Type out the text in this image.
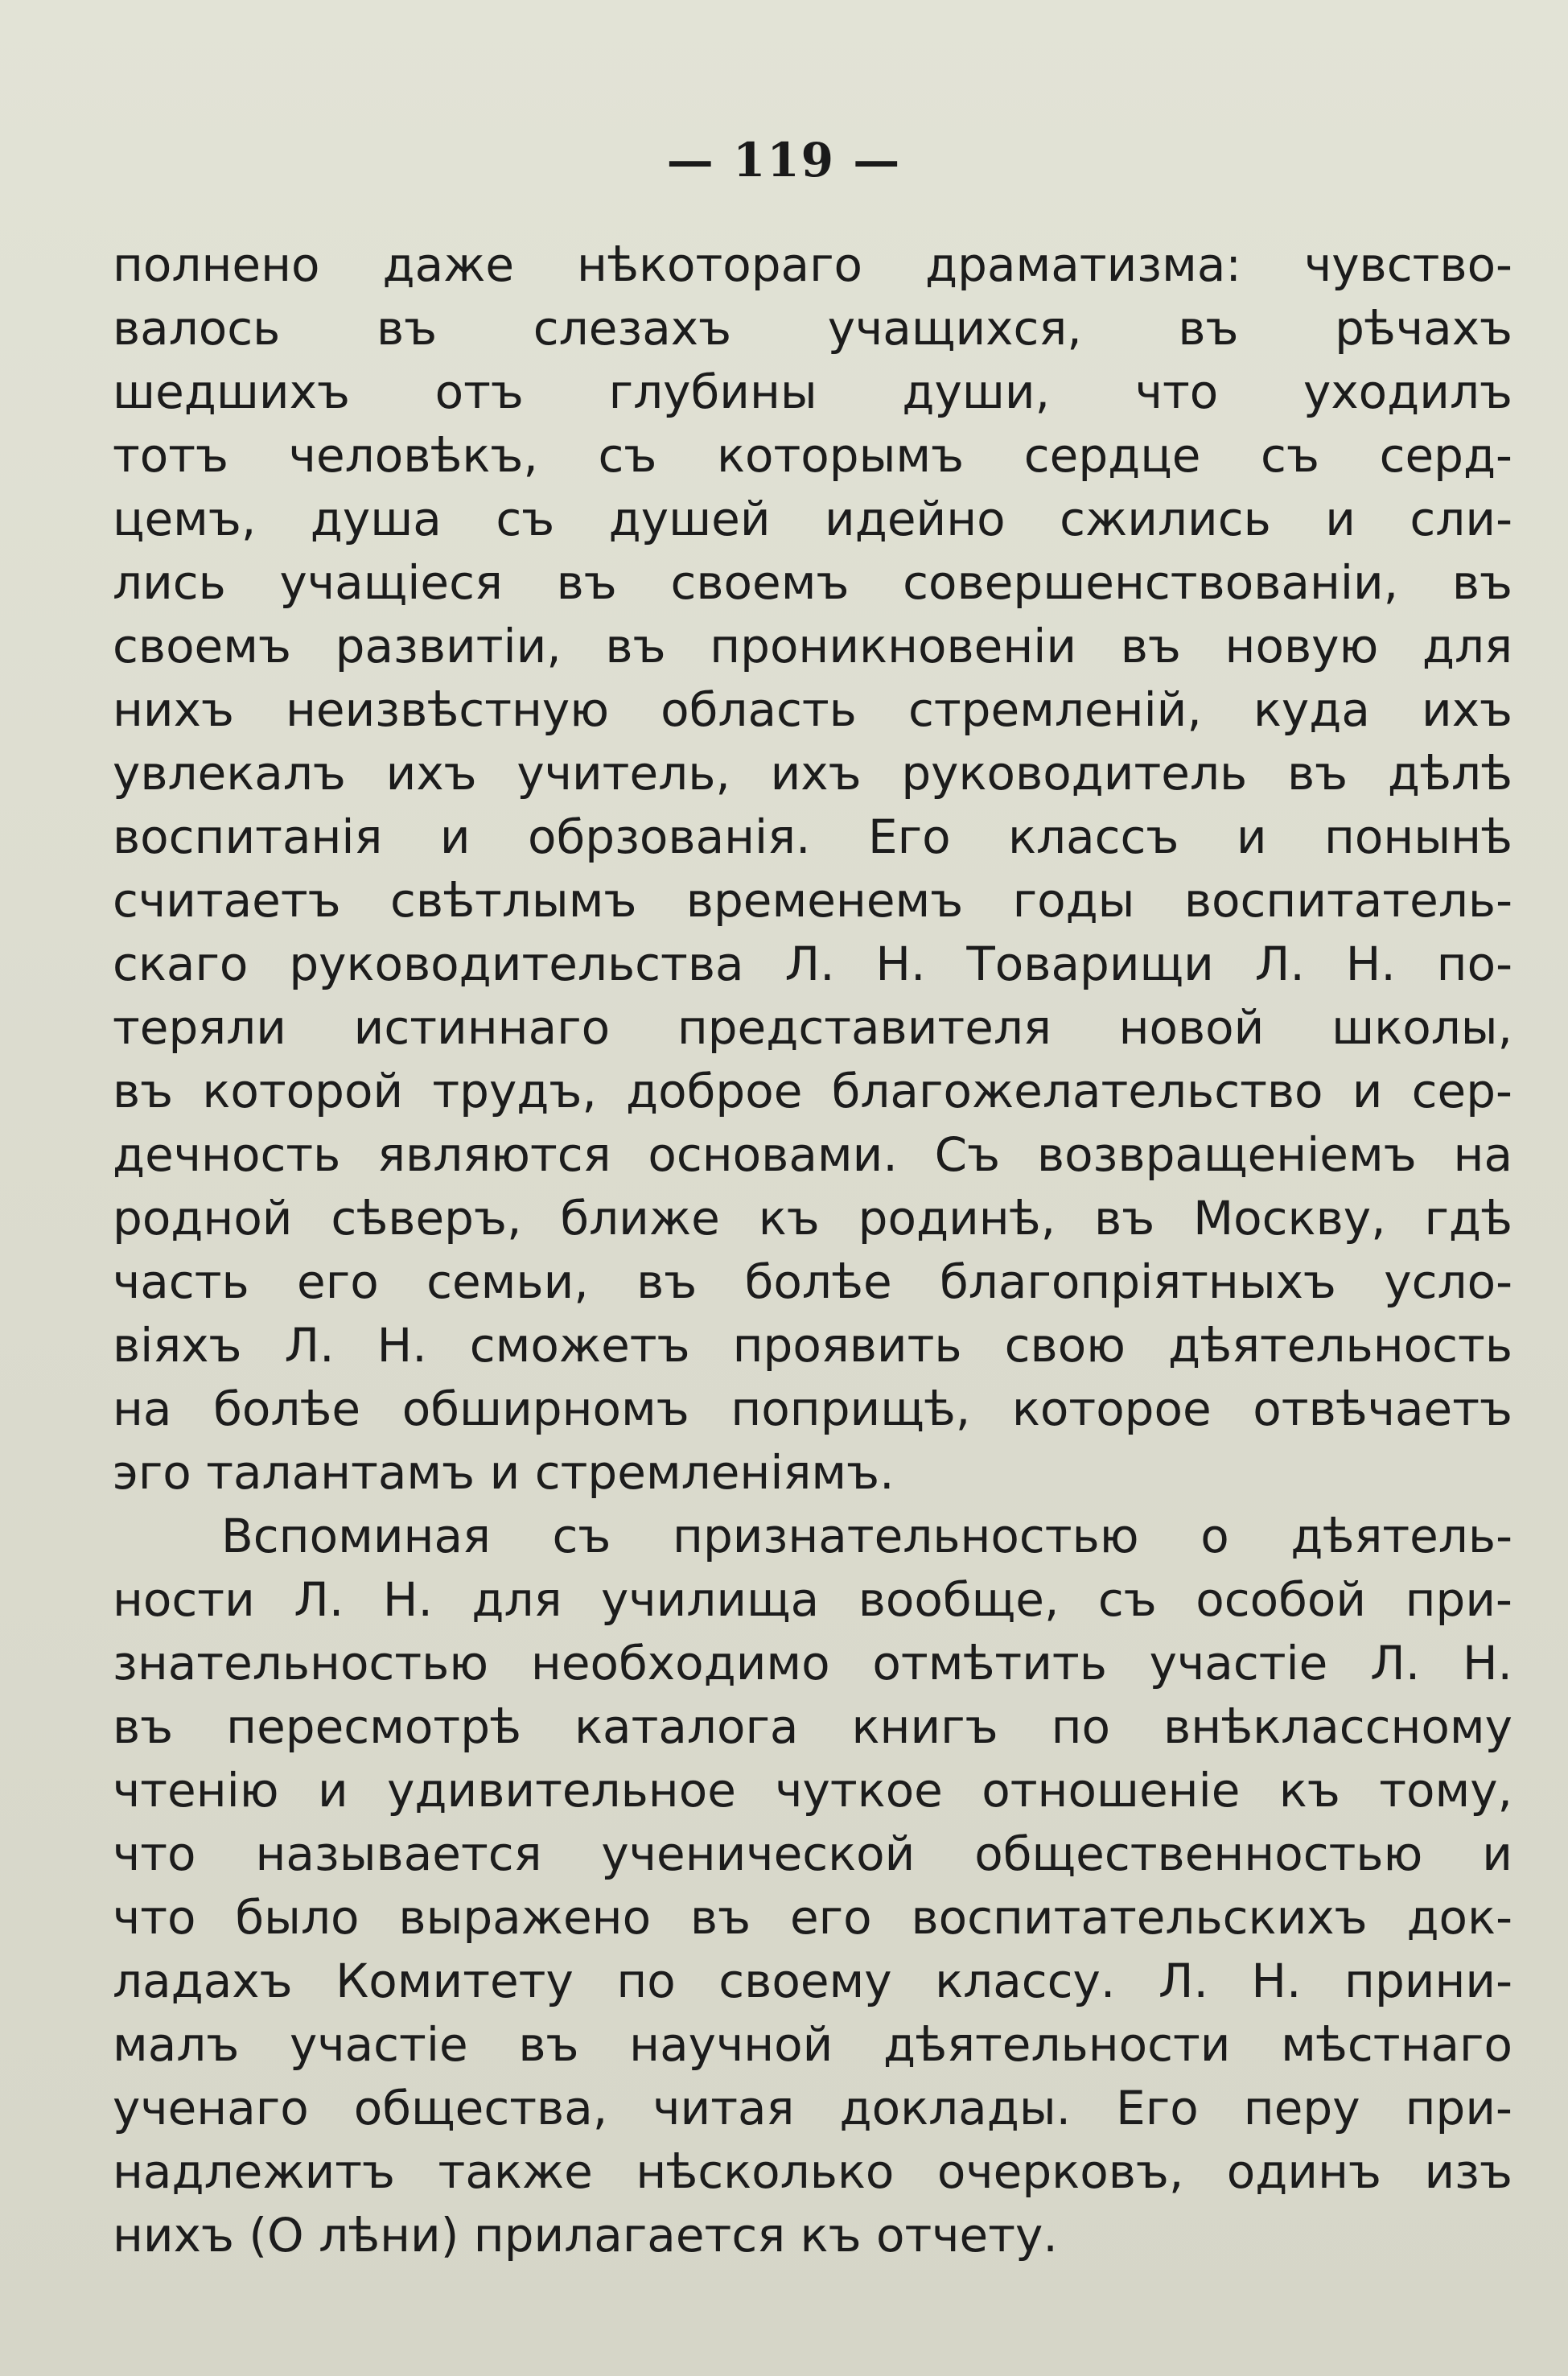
— 119 —
полнено даже нѣкотораго драматизма: чувство-
валось въ слезахъ учащихся, въ рѣчахъ
шедшихъ отъ глубины души, что уходилъ
тотъ человѣкъ, съ которымъ сердце съ серд-
цемъ, душа съ душей идейно сжились и сли-
лись учащіеся въ своемъ совершенствованіи, въ
своемъ развитіи, въ проникновеніи въ новую для
нихъ неизвѣстную область стремленій, куда ихъ
увлекалъ ихъ учитель, ихъ руководитель въ дѣлѣ
воспитанія и обрзованія. Его классъ и понынѣ
считаетъ свѣтлымъ временемъ годы воспитатель-
скаго руководительства Л. Н. Товарищи Л. Н. по-
теряли истиннаго представителя новой школы,
въ которой трудъ, доброе благожелательство и сер-
дечность являются основами. Съ возвращеніемъ на
родной сѣверъ, ближе къ родинѣ, въ Москву, гдѣ
часть его семьи, въ болѣе благопріятныхъ усло-
віяхъ Л. Н. сможетъ проявить свою дѣятельность
на болѣе обширномъ поприщѣ, которое отвѣчаетъ
эго талантамъ и стремленіямъ.
Вспоминая съ признательностью о дѣятель-
ности Л. Н. для училища вообще, съ особой при-
знательностью необходимо отмѣтить участіе Л. Н.
въ пересмотрѣ каталога книгъ по внѣклассному
чтенію и удивительное чуткое отношеніе къ тому,
что называется ученической общественностью и
что было выражено въ его воспитательскихъ док-
ладахъ Комитету по своему классу. Л. Н. прини-
малъ участіе въ научной дѣятельности мѣстнаго
ученаго общества, читая доклады. Его перу при-
надлежитъ также нѣсколько очерковъ, одинъ изъ
нихъ (О лѣни) прилагается къ отчету.
